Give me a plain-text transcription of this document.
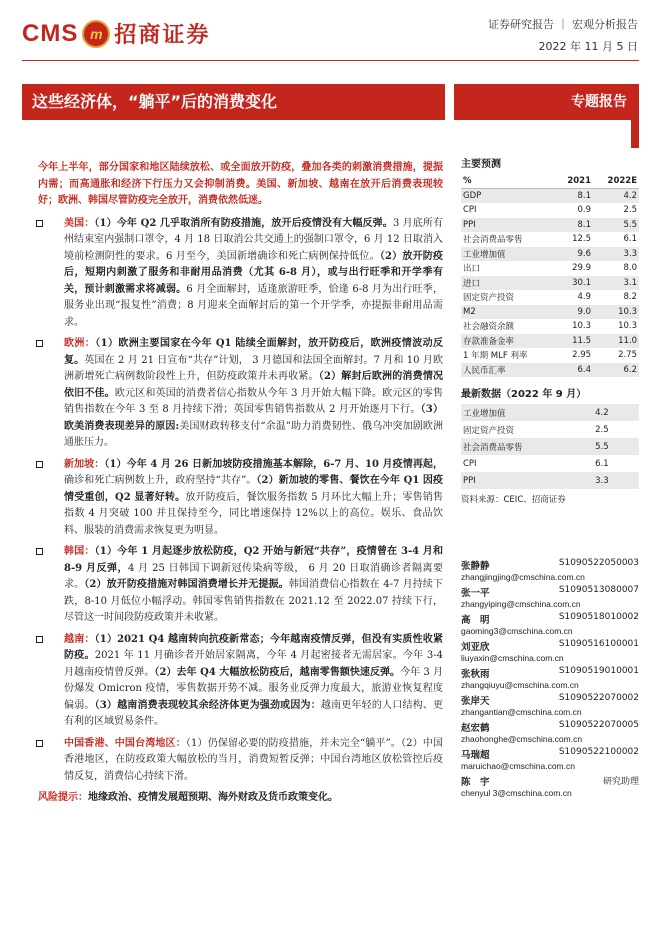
CMS m 招商证券	证券研究报告 ｜ 宏观分析报告
2022 年 11 月 5 日
这些经济体，“躺平”后的消费变化	专题报告
今年上半年，部分国家和地区陆续放松、或全面放开防疫，叠加各类的刺激消费措施，提振内需；而高通胀和经济下行压力又会抑制消费。美国、新加坡、越南在放开后消费表现较好；欧洲、韩国尽管防疫完全放开，消费依然低迷。
美国：（1）今年 Q2 几乎取消所有防疫措施，放开后疫情没有大幅反弹。3 月底所有州结束室内强制口罩令，4 月 18 日取消公共交通上的强制口罩令，6 月 12 日取消入境前检测阴性的要求。6 月至今，美国新增确诊和死亡病例保持低位。（2）放开防疫后，短期内刺激了服务和非耐用品消费（尤其 6-8 月），或与出行旺季和开学季有关，预计刺激需求将减弱。6 月全面解封，适逢旅游旺季，恰逢 6-8 月为出行旺季，服务业出现“报复性”消费；8 月迎来全面解封后的第一个开学季，亦提振非耐用品需求。
欧洲：（1）欧洲主要国家在今年 Q1 陆续全面解封，放开防疫后，欧洲疫情波动反复。英国在 2 月 21 日宣布“共存”计划， 3 月德国和法国全面解封。7 月和 10 月欧洲新增死亡病例数阶段性上升，但防疫政策并未再收紧。（2）解封后欧洲的消费情况依旧不佳。欧元区和英国的消费者信心指数从今年 3 月开始大幅下降。欧元区的零售销售指数在今年 3 至 8 月持续下滑；英国零售销售指数从 2 月开始逐月下行。（3）欧美消费表现差异的原因:美国财政转移支付“余温”助力消费韧性、俄乌冲突加剧欧洲通胀压力。
新加坡：（1）今年 4 月 26 日新加坡防疫措施基本解除，6-7 月、10 月疫情再起，确诊和死亡病例数上升，政府坚持“共存”。（2）新加坡的零售、餐饮在今年 Q1 因疫情受重创，Q2 显著好转。放开防疫后，餐饮服务指数 5 月环比大幅上升；零售销售指数 4 月突破 100 并且保持至今，同比增速保持 12%以上的高位。娱乐、食品饮料、服装的消费需求恢复更为明显。
韩国：（1）今年 1 月起逐步放松防疫，Q2 开始与新冠“共存”，疫情曾在 3-4 月和 8-9 月反弹，4 月 25 日韩国下调新冠传染病等级， 6 月 20 日取消确诊者隔离要求。（2）放开防疫措施对韩国消费增长并无提振。韩国消费信心指数在 4-7 月持续下跌，8-10 月低位小幅浮动。韩国零售销售指数在 2021.12 至 2022.07 持续下行，尽管这一时间段防疫政策并未收紧。
越南：（1）2021 Q4 越南转向抗疫新常态；今年越南疫情反弹，但没有实质性收紧防疫。2021 年 11 月确诊者开始居家隔离，今年 4 月起密接者无需居家。今年 3-4 月越南疫情曾反弹。（2）去年 Q4 大幅放松防疫后，越南零售额快速反弹。今年 3 月份爆发 Omicron 疫情，零售数据开势不减。服务业反弹力度最大，旅游业恢复程度偏弱。（3）越南消费表现较其余经济体更为强劲或因为：越南更年轻的人口结构、更有利的区域贸易条件。
中国香港、中国台湾地区：（1）仍保留必要的防疫措施，并未完全“躺平”。（2）中国香港地区，在防疫政策大幅放松的当月，消费短暂反弹；中国台湾地区放松管控后疫情反复，消费信心持续下滑。
风险提示：地缘政治、疫情发展超预期、海外财政及货币政策变化。
主要预测
%	2021	2022E
GDP	8.1	4.2
CPI	0.9	2.5
PPI	8.1	5.5
社会消费品零售	12.5	6.1
工业增加值	9.6	3.3
出口	29.9	8.0
进口	30.1	3.1
固定资产投资	4.9	8.2
M2	9.0	10.3
社会融资余额	10.3	10.3
存款准备金率	11.5	11.0
1 年期 MLF 利率	2.95	2.75
人民币汇率	6.4	6.2
最新数据（2022 年 9 月）
工业增加值	4.2
固定资产投资	2.5
社会消费品零售	5.5
CPI	6.1
PPI	3.3
资料来源：CEIC、招商证券
张静静	S1090522050003
zhangjingjing@cmschina.com.cn
张一平	S1090513080007
zhangyiping@cmschina.com.cn
高　明	S1090518010002
gaoming3@cmschina.com.cn
刘亚欣	S1090516100001
liuyaxin@cmschina.com.cn
张秋雨	S1090519010001
zhangqiuyu@cmschina.com.cn
张岸天	S1090522070002
zhangantian@cmschina.com.cn
赵宏鹤	S1090522070005
zhaohonghe@cmschina.com.cn
马瑞超	S1090522100002
maruichao@cmschina.com.cn
陈　宇	研究助理
chenyul 3@cmschina.com.cn
